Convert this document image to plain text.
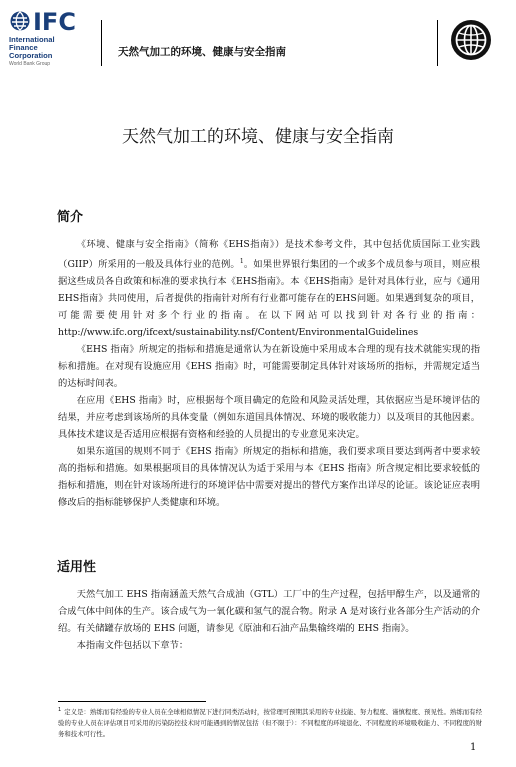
IFC
International
Finance
Corporation
World Bank Group
天然气加工的环境、健康与安全指南
天然气加工的环境、健康与安全指南
简介

《环境、健康与安全指南》（简称《EHS指南》）是技术参考文件，其中包括优质国际工业实践（GIIP）所采用的一般及具体行业的范例。$^1$。如果世界银行集团的一个或多个成员参与项目，则应根据这些成员各自政策和标准的要求执行本《EHS指南》。本《EHS指南》是针对具体行业，应与《通用EHS指南》共同使用，后者提供的指南针对所有行业都可能存在的EHS问题。如果遇到复杂的项目，可能需要使用针对多个行业的指南。在以下网站可以找到针对各行业的指南：http://www.ifc.org/ifcext/sustainability.nsf/Content/EnvironmentalGuidelines

《EHS 指南》所规定的指标和措施是通常认为在新设施中采用成本合理的现有技术就能实现的指标和措施。在对现有设施应用《EHS 指南》时，可能需要制定具体针对该场所的指标，并需规定适当的达标时间表。

在应用《EHS 指南》时，应根据每个项目确定的危险和风险灵活处理，其依据应当是环境评估的结果，并应考虑到该场所的具体变量（例如东道国具体情况、环境的吸收能力）以及项目的其他因素。具体技术建议是否适用应根据有资格和经验的人员提出的专业意见来决定。

如果东道国的规则不同于《EHS 指南》所规定的指标和措施，我们要求项目要达到两者中要求较高的指标和措施。如果根据项目的具体情况认为适于采用与本《EHS 指南》所含规定相比要求较低的指标和措施，则在针对该场所进行的环境评估中需要对提出的替代方案作出详尽的论证。该论证应表明修改后的指标能够保护人类健康和环境。

适用性

天然气加工 EHS 指南涵盖天然气合成油（GTL）工厂中的生产过程，包括甲醇生产，以及通常的合成气体中间体的生产。该合成气为一氧化碳和氢气的混合物。附录 A 是对该行业各部分生产活动的介绍。有关储罐存放场的 EHS 问题，请参见《原油和石油产品集输终端的 EHS 指南》。

本指南文件包括以下章节：

$^1$ 定义是：熟练而有经验的专业人员在全球相似情况下进行同类活动时，按常理可预期其采用的专业技能、努力程度、谨慎程度、预见性。熟练而有经验的专业人员在评估项目可采用的污染防控技术时可能遇到的情况包括（但不限于）：不同程度的环境退化、不同程度的环境吸收能力、不同程度的财务和技术可行性。
1
